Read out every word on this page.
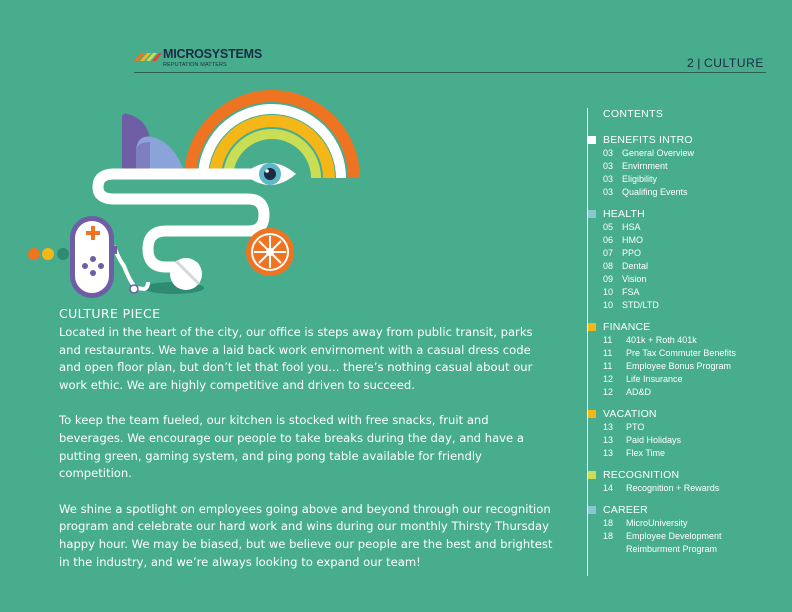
MICROSYSTEMS
REPUTATION MATTERS	2 | CULTURE
CULTURE PIECE

Located in the heart of the city, our office is steps away from public transit, parks and restaurants. We have a laid back work envirnoment with a casual dress code and open floor plan, but don’t let that fool you... there’s nothing casual about our work ethic. We are highly competitive and driven to succeed.

To keep the team fueled, our kitchen is stocked with free snacks, fruit and beverages. We encourage our people to take breaks during the day, and have a putting green, gaming system, and ping pong table available for friendly competition.

We shine a spotlight on employees going above and beyond through our recognition program and celebrate our hard work and wins during our monthly Thirsty Thursday happy hour. We may be biased, but we believe our people are the best and brightest in the industry, and we’re always looking to expand our team!

CONTENTS
BENEFITS INTRO
03 General Overview
03 Envirnment
03 Eligibility
03 Qualifing Events
HEALTH
05 HSA
06 HMO
07 PPO
08 Dental
09 Vision
10 FSA
10 STD/LTD
FINANCE
11	401k + Roth 401k
11	Pre Tax Commuter Benefits
11	Employee Bonus Program
12	Life Insurance
12	AD&D
VACATION
13	PTO
13	Paid Holidays
13	Flex Time
RECOGNITION
14	Recognition + Rewards
CAREER
18	MicroUniversity
18	Employee Development
Reimburment Program
